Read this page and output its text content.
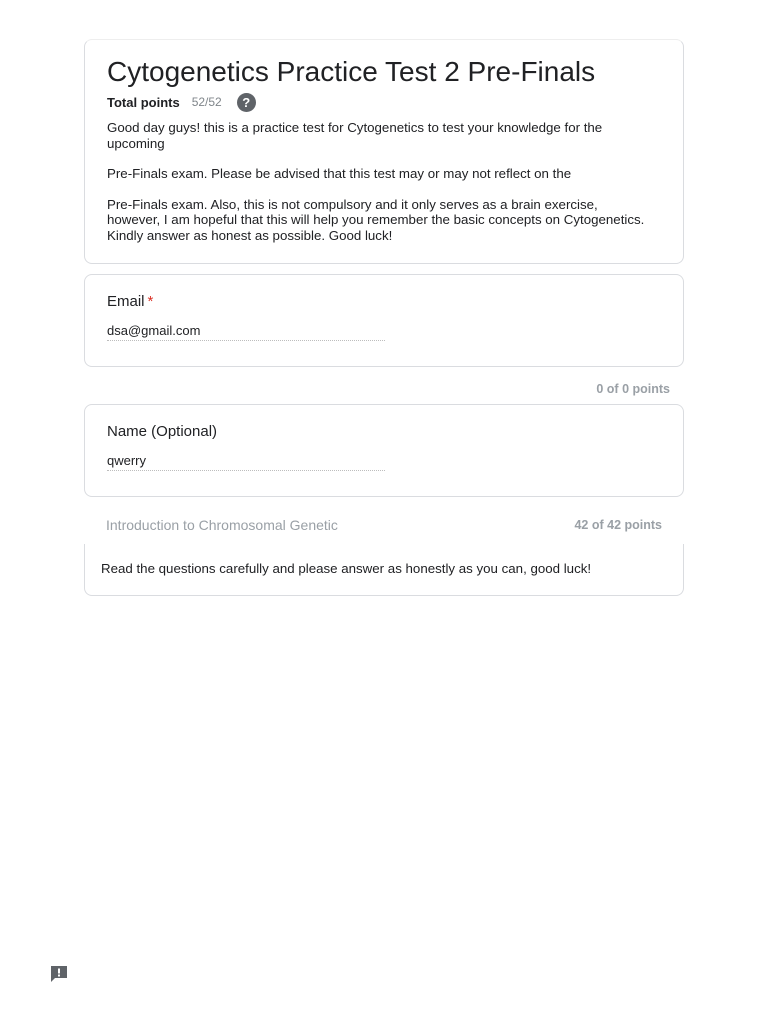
Cytogenetics Practice Test 2 Pre-Finals
Total points 52/52	?

Good day guys! this is a practice test for Cytogenetics to test your knowledge for the upcoming

Pre-Finals exam. Please be advised that this test may or may not reflect on the

Pre-Finals exam. Also, this is not compulsory and it only serves as a brain exercise, however, I am hopeful that this will help you remember the basic concepts on Cytogenetics. Kindly answer as honest as possible. Good luck!

Email *
dsa@gmail.com
0 of 0 points
Name (Optional)
qwerry
Introduction to Chromosomal Genetic	42 of 42 points
Read the questions carefully and please answer as honestly as you can, good luck!
